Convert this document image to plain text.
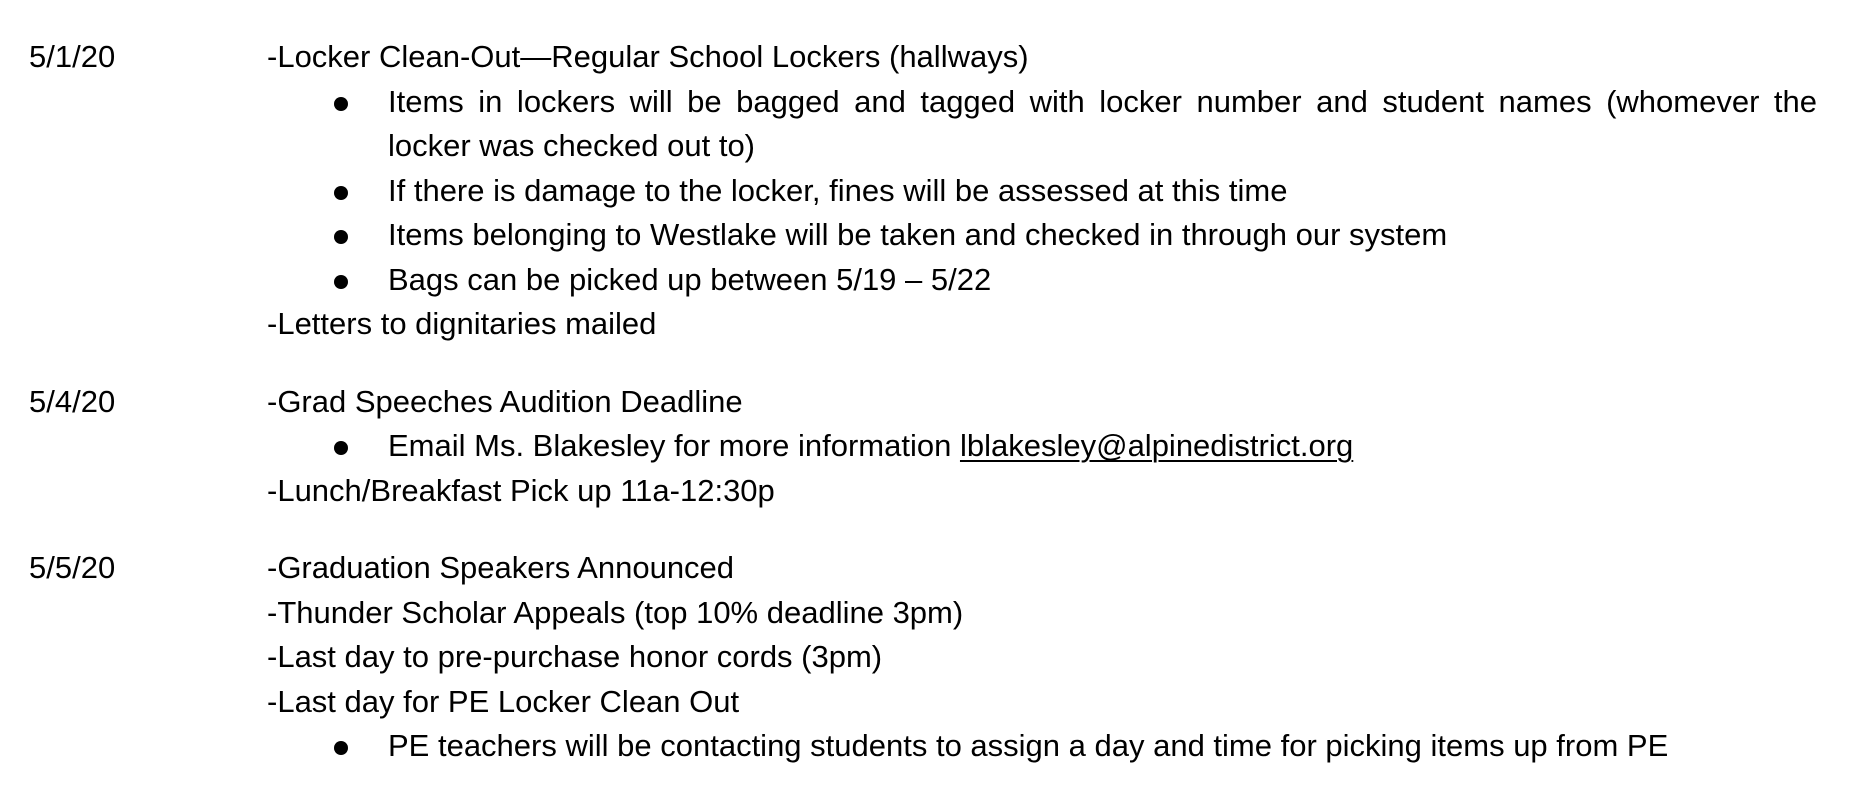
5/1/20	-Locker Clean-Out—Regular School Lockers (hallways)
Items in lockers will be bagged and tagged with locker number and student names (whomever the locker was checked out to)
If there is damage to the locker, fines will be assessed at this time
Items belonging to Westlake will be taken and checked in through our system
Bags can be picked up between 5/19 – 5/22
-Letters to dignitaries mailed
5/4/20	-Grad Speeches Audition Deadline
Email Ms. Blakesley for more information lblakesley@alpinedistrict.org
-Lunch/Breakfast Pick up 11a-12:30p
5/5/20	-Graduation Speakers Announced
-Thunder Scholar Appeals (top 10% deadline 3pm)
-Last day to pre-purchase honor cords (3pm)
-Last day for PE Locker Clean Out
PE teachers will be contacting students to assign a day and time for picking items up from PE
